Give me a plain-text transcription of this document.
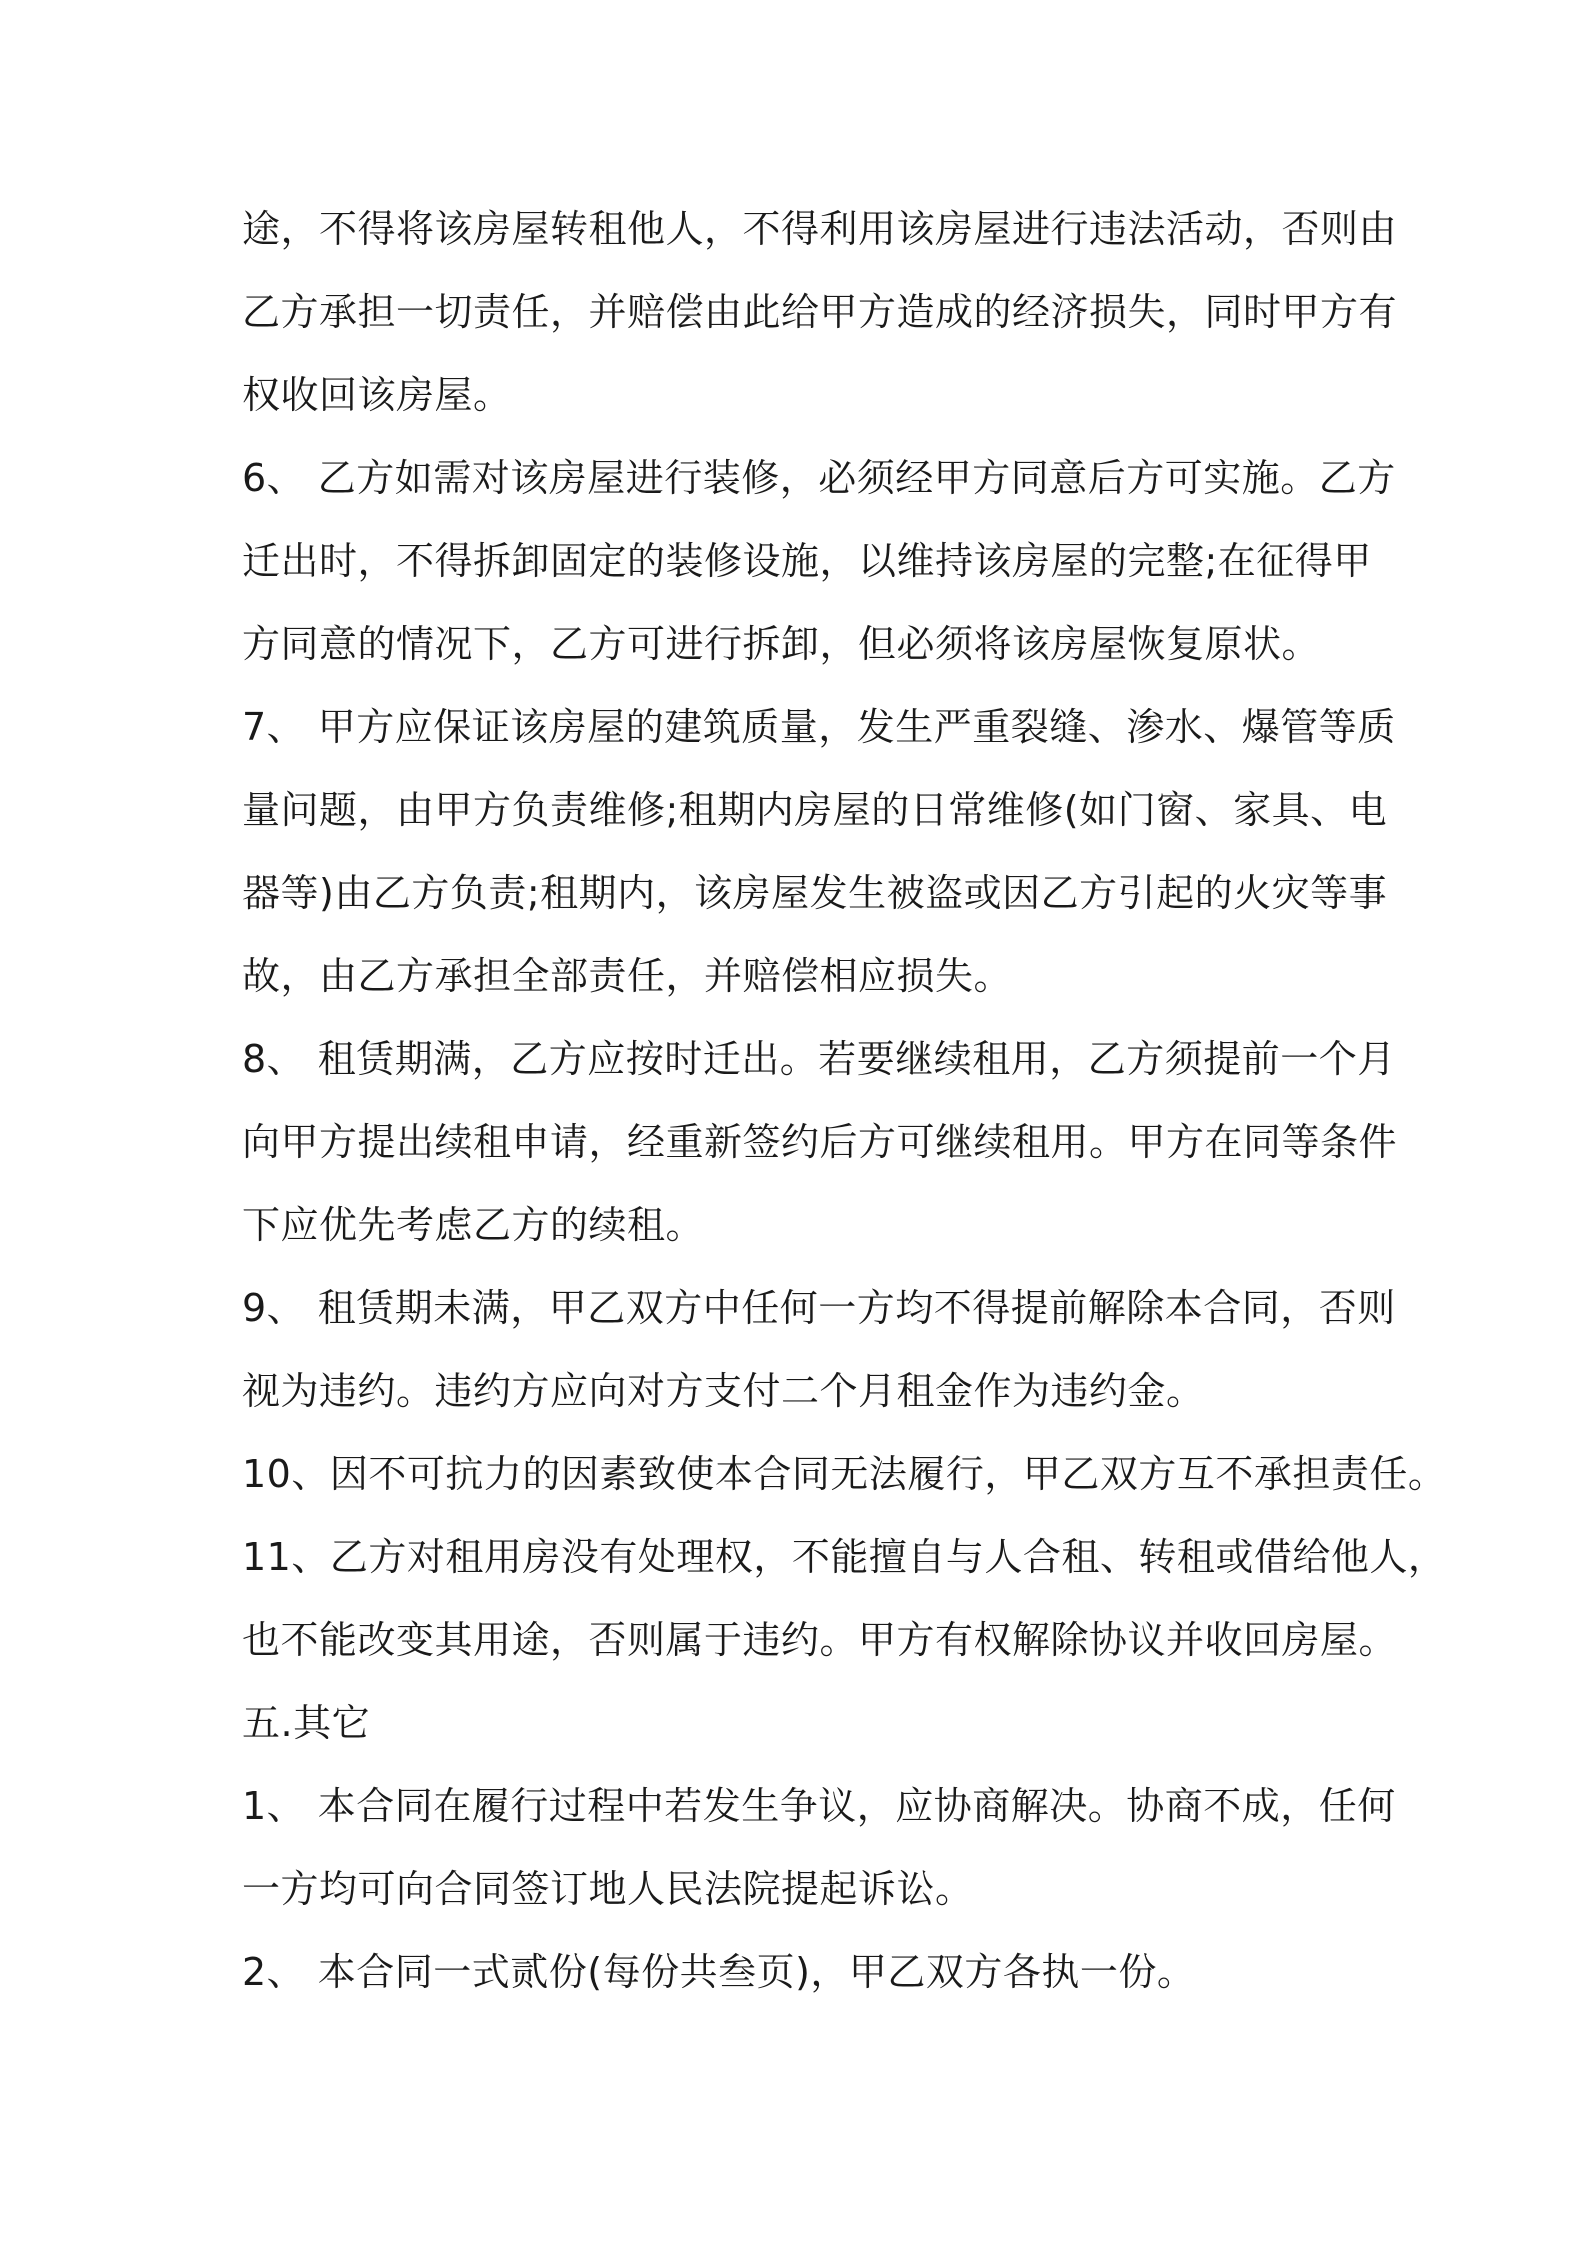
途，不得将该房屋转租他人，不得利用该房屋进行违法活动，否则由
乙方承担一切责任，并赔偿由此给甲方造成的经济损失，同时甲方有
权收回该房屋。
6、 乙方如需对该房屋进行装修，必须经甲方同意后方可实施。乙方
迁出时，不得拆卸固定的装修设施，以维持该房屋的完整;在征得甲
方同意的情况下，乙方可进行拆卸，但必须将该房屋恢复原状。
7、 甲方应保证该房屋的建筑质量，发生严重裂缝、渗水、爆管等质
量问题，由甲方负责维修;租期内房屋的日常维修(如门窗、家具、电
器等)由乙方负责;租期内，该房屋发生被盗或因乙方引起的火灾等事
故，由乙方承担全部责任，并赔偿相应损失。
8、 租赁期满，乙方应按时迁出。若要继续租用，乙方须提前一个月
向甲方提出续租申请，经重新签约后方可继续租用。甲方在同等条件
下应优先考虑乙方的续租。
9、 租赁期未满，甲乙双方中任何一方均不得提前解除本合同，否则
视为违约。违约方应向对方支付二个月租金作为违约金。
10、因不可抗力的因素致使本合同无法履行，甲乙双方互不承担责任。
11、乙方对租用房没有处理权，不能擅自与人合租、转租或借给他人，
也不能改变其用途，否则属于违约。甲方有权解除协议并收回房屋。
五.其它
1、 本合同在履行过程中若发生争议，应协商解决。协商不成，任何
一方均可向合同签订地人民法院提起诉讼。
2、 本合同一式贰份(每份共叁页)，甲乙双方各执一份。
